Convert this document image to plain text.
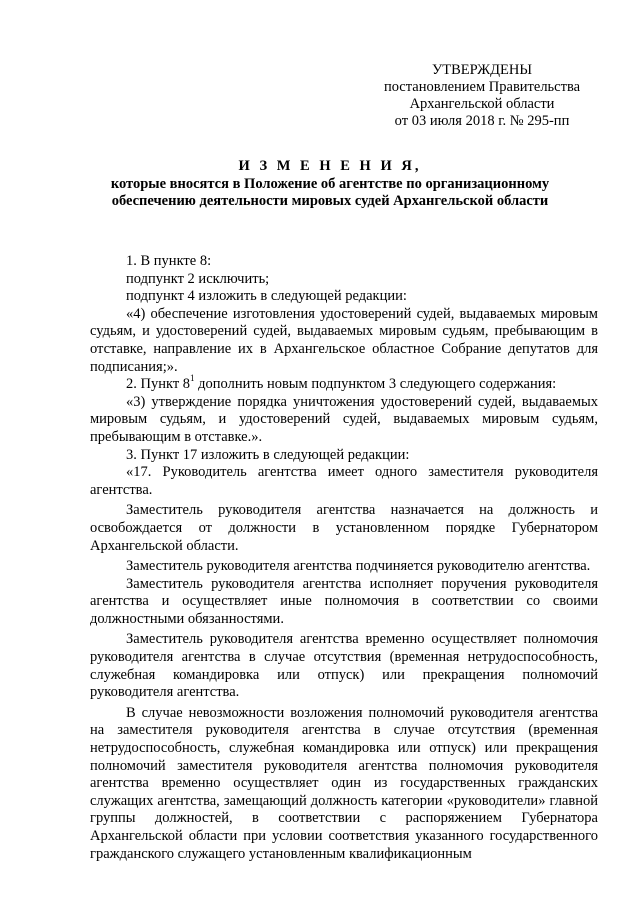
УТВЕРЖДЕНЫ
постановлением Правительства
Архангельской области
от 03 июля 2018 г. № 295-пп
И З М Е Н Е Н И Я,
которые вносятся в Положение об агентстве по организационному
обеспечению деятельности мировых судей Архангельской области

1. В пункте 8:

подпункт 2 исключить;

подпункт 4 изложить в следующей редакции:

«4) обеспечение изготовления удостоверений судей, выдаваемых мировым судьям, и удостоверений судей, выдаваемых мировым судьям, пребывающим в отставке, направление их в Архангельское областное Собрание депутатов для подписания;».

2. Пункт $8^1$ дополнить новым подпунктом 3 следующего содержания:

«3) утверждение порядка уничтожения удостоверений судей, выдаваемых мировым судьям, и удостоверений судей, выдаваемых мировым судьям, пребывающим в отставке.».

3. Пункт 17 изложить в следующей редакции:

«17. Руководитель агентства имеет одного заместителя руководителя агентства.

Заместитель руководителя агентства назначается на должность и освобождается от должности в установленном порядке Губернатором Архангельской области.

Заместитель руководителя агентства подчиняется руководителю агентства.

Заместитель руководителя агентства исполняет поручения руководителя агентства и осуществляет иные полномочия в соответствии со своими должностными обязанностями.

Заместитель руководителя агентства временно осуществляет полномочия руководителя агентства в случае отсутствия (временная нетрудоспособность, служебная командировка или отпуск) или прекращения полномочий руководителя агентства.

В случае невозможности возложения полномочий руководителя агентства на заместителя руководителя агентства в случае отсутствия (временная нетрудоспособность, служебная командировка или отпуск) или прекращения полномочий заместителя руководителя агентства полномочия руководителя агентства временно осуществляет один из государственных гражданских служащих агентства, замещающий должность категории «руководители» главной группы должностей, в соответствии с распоряжением Губернатора Архангельской области при условии соответствия указанного государственного гражданского служащего установленным квалификационным
